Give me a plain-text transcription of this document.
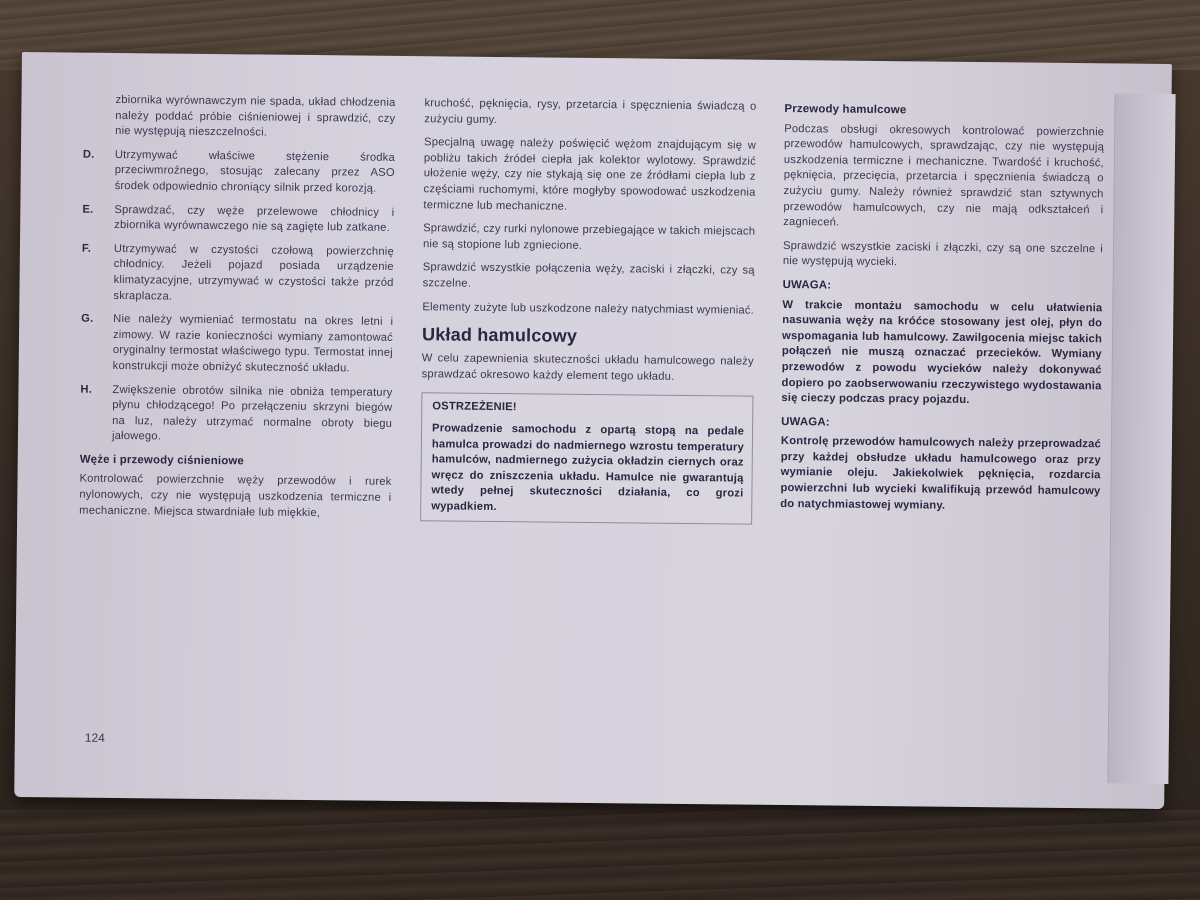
zbiornika wyrównawczym nie spada, układ chłodzenia należy poddać próbie ciśnieniowej i sprawdzić, czy nie występują nieszczelności.
D.	Utrzymywać właściwe stężenie środka przeciwmroźnego, stosując zalecany przez ASO środek odpowiednio chroniący silnik przed korozją.
E.	Sprawdzać, czy węże przelewowe chłodnicy i zbiornika wyrównawczego nie są zagięte lub zatkane.
F.	Utrzymywać w czystości czołową powierzchnię chłodnicy. Jeżeli pojazd posiada urządzenie klimatyzacyjne, utrzymywać w czystości także przód skraplacza.
G.	Nie należy wymieniać termostatu na okres letni i zimowy. W razie konieczności wymiany zamontować oryginalny termostat właściwego typu. Termostat innej konstrukcji może obniżyć skuteczność układu.
H.	Zwiększenie obrotów silnika nie obniża temperatury płynu chłodzącego! Po przełączeniu skrzyni biegów na luz, należy utrzymać normalne obroty biegu jałowego.
Węże i przewody ciśnieniowe
Kontrolować powierzchnie węży przewodów i rurek nylonowych, czy nie występują uszkodzenia termiczne i mechaniczne. Miejsca stwardniałe lub miękkie,
kruchość, pęknięcia, rysy, przetarcia i spęcznienia świadczą o zużyciu gumy.
Specjalną uwagę należy poświęcić wężom znajdującym się w pobliżu takich źródeł ciepła jak kolektor wylotowy. Sprawdzić ułożenie węży, czy nie stykają się one ze źródłami ciepła lub z częściami ruchomymi, które mogłyby spowodować uszkodzenia termiczne lub mechaniczne.
Sprawdzić, czy rurki nylonowe przebiegające w takich miejscach nie są stopione lub zgniecione.
Sprawdzić wszystkie połączenia węży, zaciski i złączki, czy są szczelne.
Elementy zużyte lub uszkodzone należy natychmiast wymieniać.
Układ hamulcowy
W celu zapewnienia skuteczności układu hamulcowego należy sprawdzać okresowo każdy element tego układu.
OSTRZEŻENIE!
Prowadzenie samochodu z opartą stopą na pedale hamulca prowadzi do nadmiernego wzrostu temperatury hamulców, nadmiernego zużycia okładzin ciernych oraz wręcz do zniszczenia układu. Hamulce nie gwarantują wtedy pełnej skuteczności działania, co grozi wypadkiem.
Przewody hamulcowe
Podczas obsługi okresowych kontrolować powierzchnie przewodów hamulcowych, sprawdzając, czy nie występują uszkodzenia termiczne i mechaniczne. Twardość i kruchość, pęknięcia, przecięcia, przetarcia i spęcznienia świadczą o zużyciu gumy. Należy również sprawdzić stan sztywnych przewodów hamulcowych, czy nie mają odkształceń i zagnieceń.
Sprawdzić wszystkie zaciski i złączki, czy są one szczelne i nie występują wycieki.
UWAGA:
W trakcie montażu samochodu w celu ułatwienia nasuwania węży na króćce stosowany jest olej, płyn do wspomagania lub hamulcowy. Zawilgocenia miejsc takich połączeń nie muszą oznaczać przecieków. Wymiany przewodów z powodu wycieków należy dokonywać dopiero po zaobserwowaniu rzeczywistego wydostawania się cieczy podczas pracy pojazdu.
UWAGA:
Kontrolę przewodów hamulcowych należy przeprowadzać przy każdej obsłudze układu hamulcowego oraz przy wymianie oleju. Jakiekolwiek pęknięcia, rozdarcia powierzchni lub wycieki kwalifikują przewód hamulcowy do natychmiastowej wymiany.
124
